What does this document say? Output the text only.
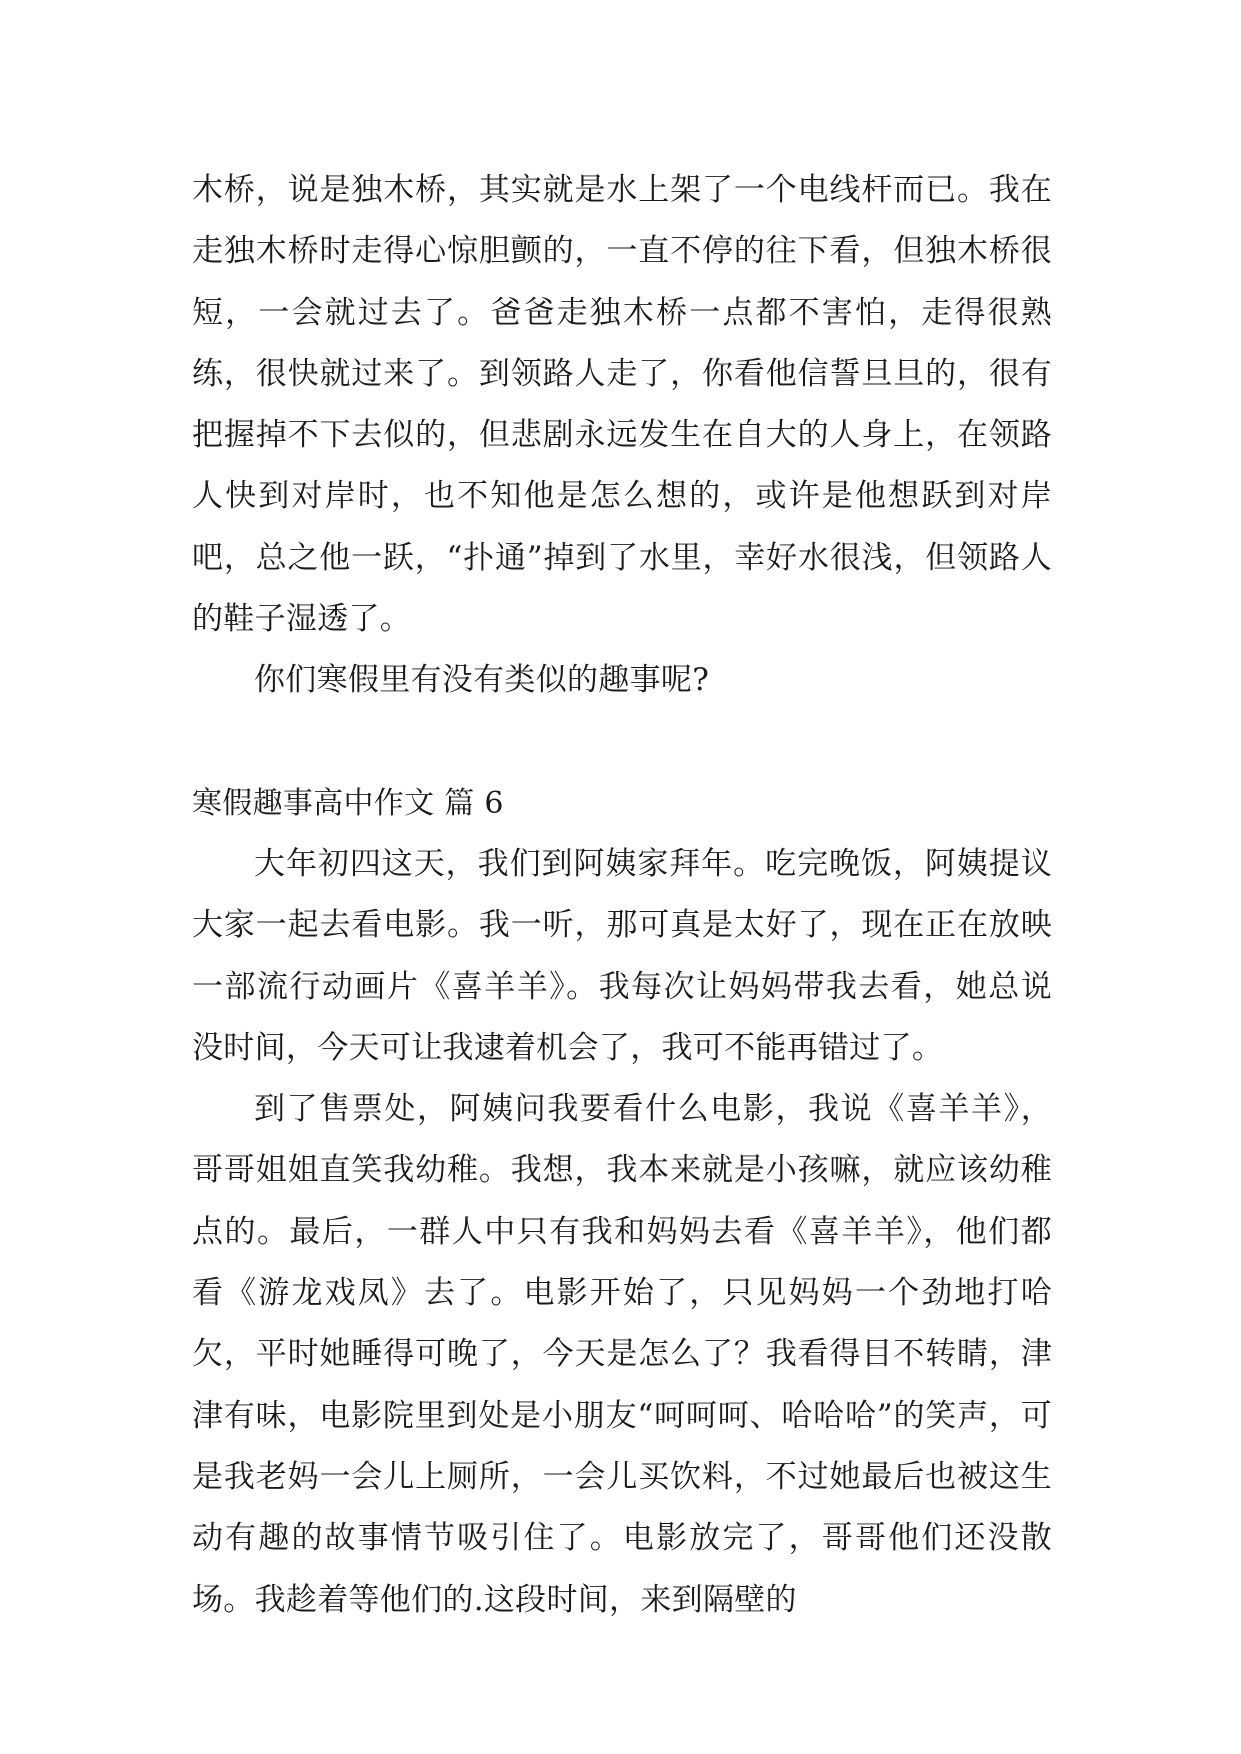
木桥，说是独木桥，其实就是水上架了一个电线杆而已。我在走独木桥时走得心惊胆颤的，一直不停的往下看，但独木桥很短，一会就过去了。爸爸走独木桥一点都不害怕，走得很熟练，很快就过来了。到领路人走了，你看他信誓旦旦的，很有把握掉不下去似的，但悲剧永远发生在自大的人身上，在领路人快到对岸时，也不知他是怎么想的，或许是他想跃到对岸吧，总之他一跃，“扑通”掉到了水里，幸好水很浅，但领路人的鞋子湿透了。

你们寒假里有没有类似的趣事呢?

寒假趣事高中作文 篇 6

大年初四这天，我们到阿姨家拜年。吃完晚饭，阿姨提议大家一起去看电影。我一听，那可真是太好了，现在正在放映一部流行动画片《喜羊羊》。我每次让妈妈带我去看，她总说没时间，今天可让我逮着机会了，我可不能再错过了。

到了售票处，阿姨问我要看什么电影，我说《喜羊羊》，哥哥姐姐直笑我幼稚。我想，我本来就是小孩嘛，就应该幼稚点的。最后，一群人中只有我和妈妈去看《喜羊羊》，他们都看《游龙戏凤》去了。电影开始了，只见妈妈一个劲地打哈欠，平时她睡得可晚了，今天是怎么了？我看得目不转睛，津津有味，电影院里到处是小朋友“呵呵呵、哈哈哈”的笑声，可是我老妈一会儿上厕所，一会儿买饮料，不过她最后也被这生动有趣的故事情节吸引住了。电影放完了，哥哥他们还没散场。我趁着等他们的.这段时间，来到隔壁的
